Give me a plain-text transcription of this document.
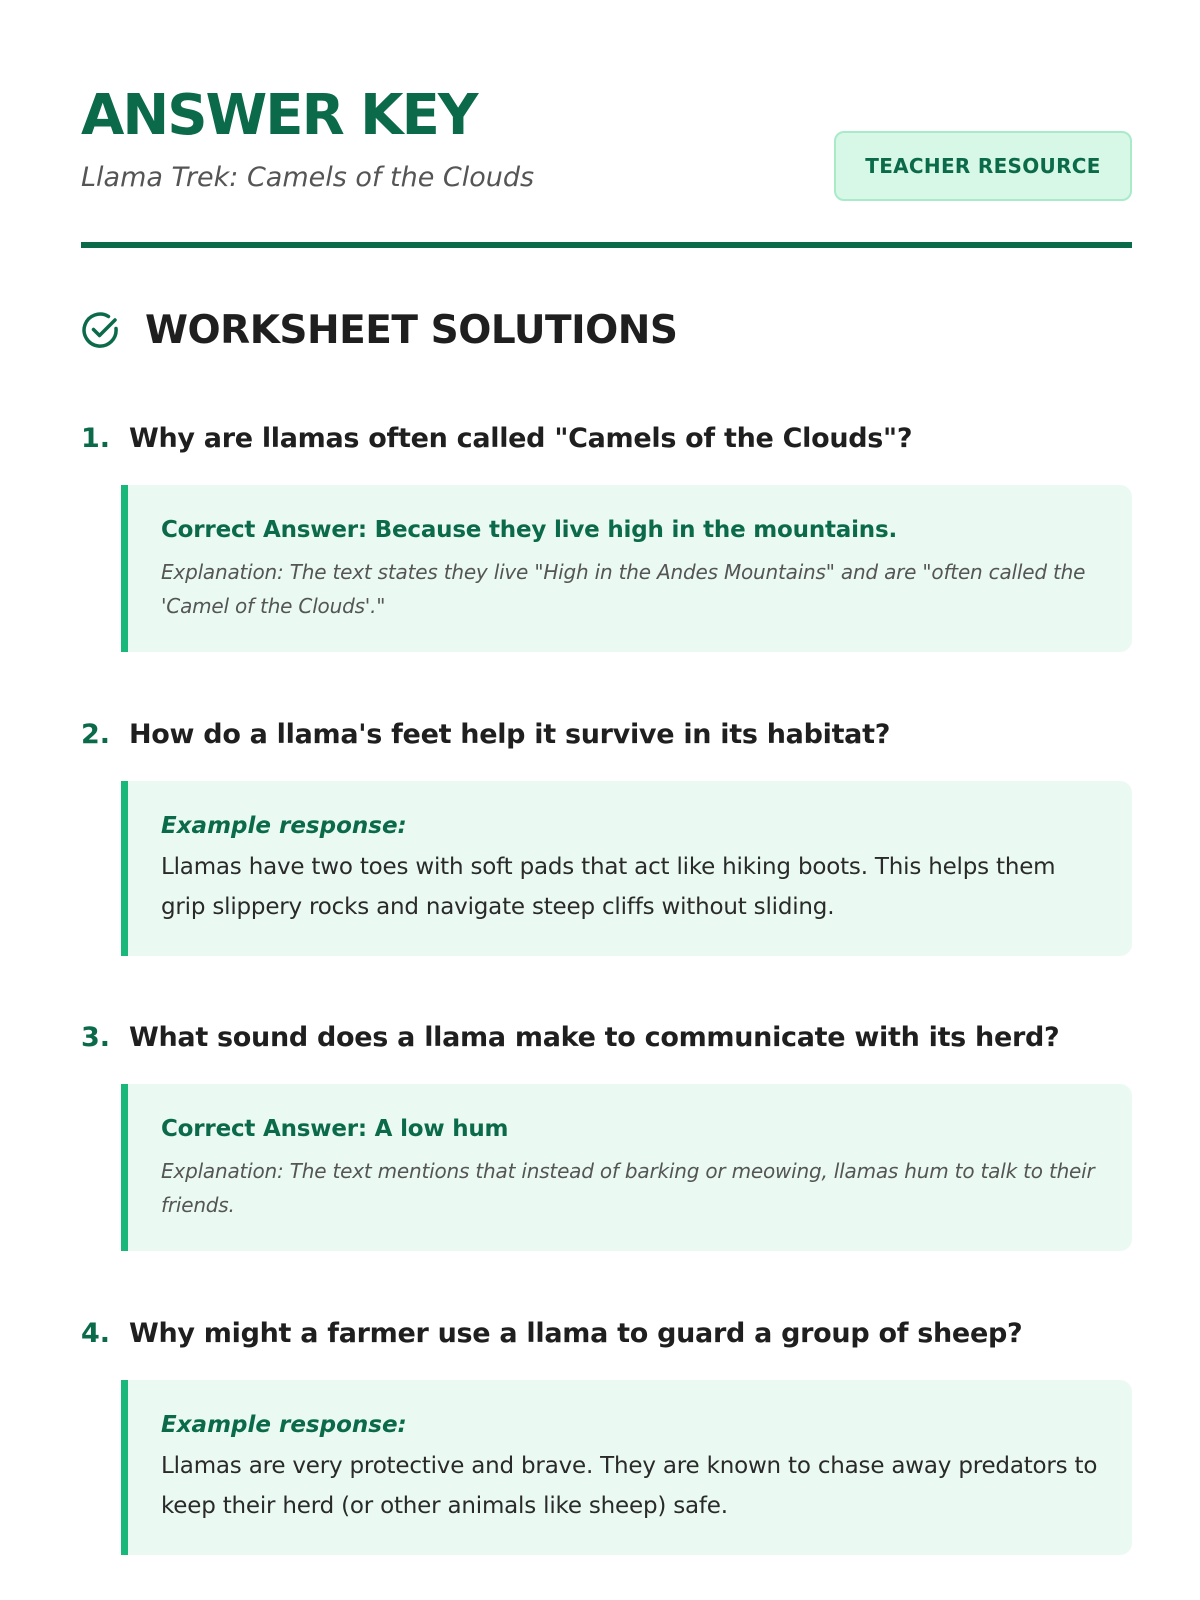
ANSWER KEY
Llama Trek: Camels of the Clouds	TEACHER RESOURCE
WORKSHEET SOLUTIONS
1. Why are llamas often called "Camels of the Clouds"?
Correct Answer: Because they live high in the mountains.
Explanation: The text states they live "High in the Andes Mountains" and are "often called the 'Camel of the Clouds'."
2. How do a llama's feet help it survive in its habitat?
Example response:
Llamas have two toes with soft pads that act like hiking boots. This helps them grip slippery rocks and navigate steep cliffs without sliding.
3. What sound does a llama make to communicate with its herd?
Correct Answer: A low hum
Explanation: The text mentions that instead of barking or meowing, llamas hum to talk to their friends.
4. Why might a farmer use a llama to guard a group of sheep?
Example response:
Llamas are very protective and brave. They are known to chase away predators to keep their herd (or other animals like sheep) safe.
